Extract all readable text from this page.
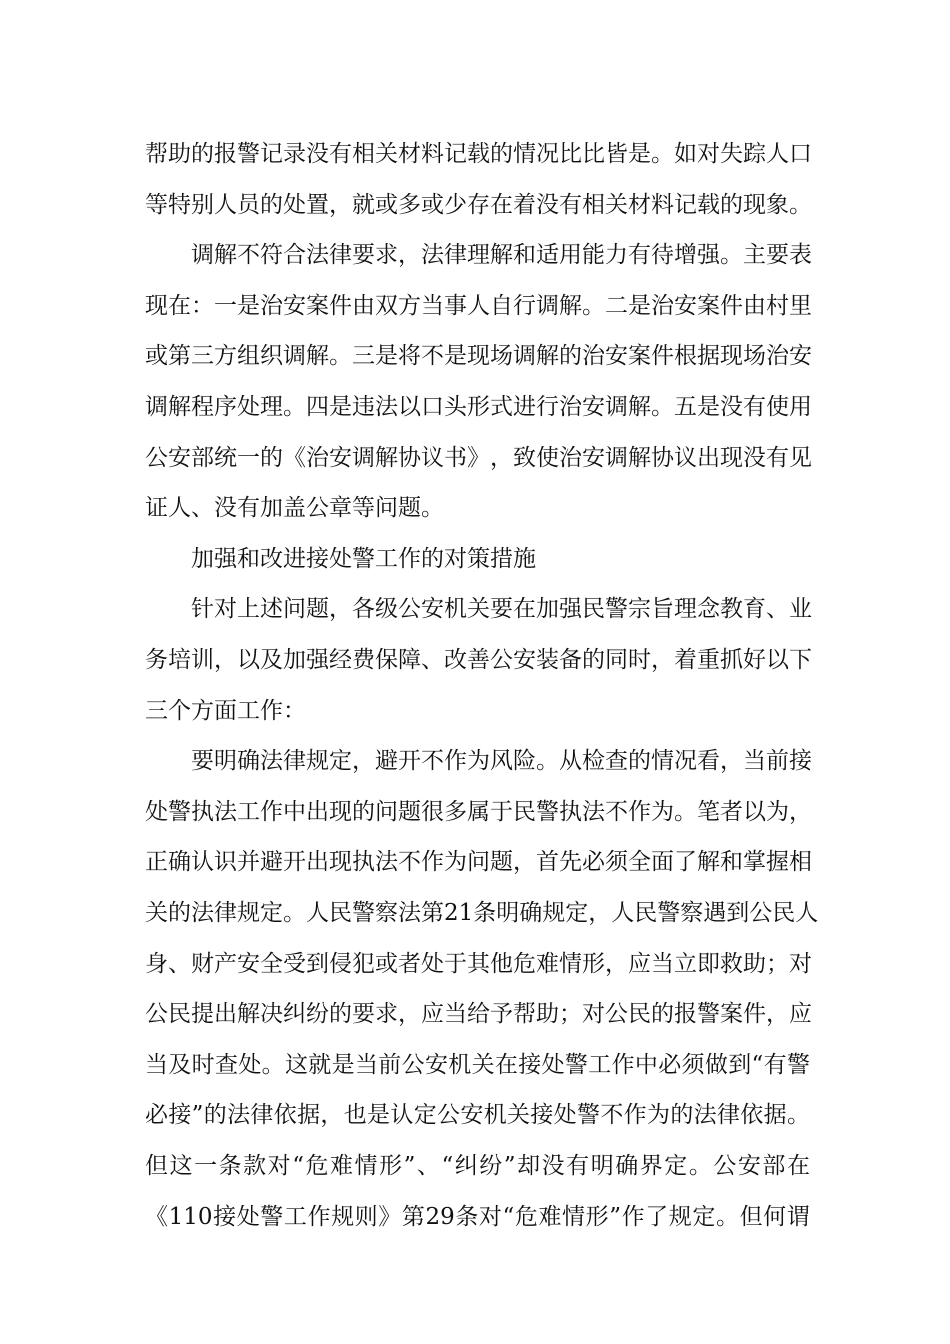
帮 助 的 报 警 记 录 没 有 相 关 材 料 记 载 的 情 况 比 比 皆 是 。 如 对 失 踪 人 口
等 特 别 人 员 的 处 置 ， 就 或 多 或 少 存 在 着 没 有 相 关 材 料 记 载 的 现 象 。
调 解 不 符 合 法 律 要 求 ， 法 律 理 解 和 适 用 能 力 有 待 增 强 。 主 要 表
现 在 ： 一 是 治 安 案 件 由 双 方 当 事 人 自 行 调 解 。 二 是 治 安 案 件 由 村 里
或 第 三 方 组 织 调 解 。 三 是 将 不 是 现 场 调 解 的 治 安 案 件 根 据 现 场 治 安
调 解 程 序 处 理 。 四 是 违 法 以 口 头 形 式 进 行 治 安 调 解 。 五 是 没 有 使 用
公 安 部 统 一 的 《 治 安 调 解 协 议 书 》 ， 致 使 治 安 调 解 协 议 出 现 没 有 见
证人、没有加盖公章等问题。
加强和改进接处警工作的对策措施
针 对 上 述 问 题 ， 各 级 公 安 机 关 要 在 加 强 民 警 宗 旨 理 念 教 育 、 业
务 培 训 ， 以 及 加 强 经 费 保 障 、 改 善 公 安 装 备 的 同 时 ， 着 重 抓 好 以 下
三个方面工作：
要 明 确 法 律 规 定 ， 避 开 不 作 为 风 险 。 从 检 查 的 情 况 看 ， 当 前 接
处 警 执 法 工 作 中 出 现 的 问 题 很 多 属 于 民 警 执 法 不 作 为 。 笔 者 以 为 ，
正 确 认 识 并 避 开 出 现 执 法 不 作 为 问 题 ， 首 先 必 须 全 面 了 解 和 掌 握 相
关 的 法 律 规 定 。 人 民 警 察 法 第 21 条 明 确 规 定 ， 人 民 警 察 遇 到 公 民 人
身 、 财 产 安 全 受 到 侵 犯 或 者 处 于 其 他 危 难 情 形 ， 应 当 立 即 救 助 ； 对
公 民 提 出 解 决 纠 纷 的 要 求 ， 应 当 给 予 帮 助 ； 对 公 民 的 报 警 案 件 ， 应
当 及 时 查 处 。 这 就 是 当 前 公 安 机 关 在 接 处 警 工 作 中 必 须 做 到 “ 有 警
必 接 ” 的 法 律 依 据 ， 也 是 认 定 公 安 机 关 接 处 警 不 作 为 的 法 律 依 据 。
但 这 一 条 款 对 “ 危 难 情 形 ” 、 “ 纠 纷 ” 却 没 有 明 确 界 定 。 公 安 部 在
《 110 接 处 警 工 作 规 则 》 第 29 条 对 “ 危 难 情 形 ” 作 了 规 定 。 但 何 谓
